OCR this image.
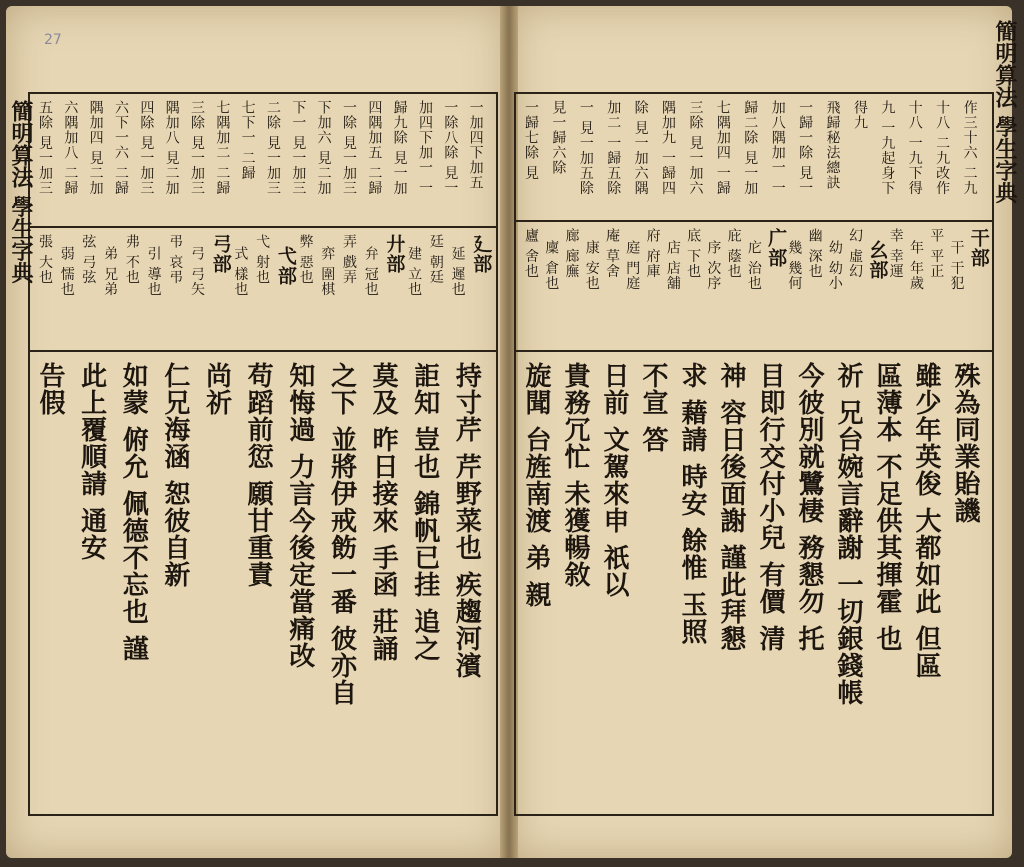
27
簡明算法 學生字典	簡明算法 學生字典
一加四下加五
一除八除 見一
加四下加一 一
歸九除 見一加
四隅加五 二歸
一除 見一加三
下加六 見二加
下一 見一加三
二除 見一加三
七下一 二歸
七隅加二 二歸
三除 見一加三
隅加八 見二加
四除 見一加三
六下一六 二歸
隅加四 見二加
六隅加八 二歸
五除 見一加三
廴部
延 遲也
廷 朝廷
建 立也
廾部
弁 冠也
弄 戲弄
弈 圍棋
弊 惡也
弋部
弋 射也
式 樣也
弓部
弓 弓矢
弔 哀弔
引 導也
弗 不也
弟 兄弟
弦 弓弦
弱 懦也
張 大也
持寸芹 芹野菜也 疾趨河濱
詎知 豈也 錦帆已挂 追之
莫及 昨日接來 手函 莊誦
之下 並將伊戒飭一番 彼亦自
知悔過 力言今後定當痛改
苟蹈前愆 願甘重責
尚祈
仁兄海涵 恕彼自新
如蒙 俯允 佩德不忘也 謹
此上覆順請 通安
告假
作三十六 二九
十八 二九改作
十八 一九下得
九 一九起身下
得九
飛歸秘法總訣
一歸一除 見一
加八隅加一 一
歸二除 見一加
七隅加四 一歸
三除 見一加六
隅加九 一歸四
除 見一加六隅
加二 一歸五除
一 見一加五除
見一歸六除
一歸七除 見
干部
干 干犯
平 平正
年 年歲
幸 幸運
幺部
幻 虛幻
幼 幼小
幽 深也
幾 幾何
广部
庀 治也
庇 蔭也
序 次序
底 下也
店 店舖
府 府庫
庭 門庭
庵 草舍
康 安也
廊 廊廡
廩 倉也
廬 舍也
殊為同業貽譏
雖少年英俊 大都如此 但區
區薄本 不足供其揮霍 也
祈 兄台婉言辭謝 一切銀錢帳
今彼別就鷺棲 務懇勿 托
目即行交付小兒 有價 清
神 容日後面謝 謹此拜懇
求 藉請 時安 餘惟 玉照
不宣 答
日前 文駕來申 祇以
貴務冗忙 未獲暢敘
旋聞 台旌南渡 弟 親
